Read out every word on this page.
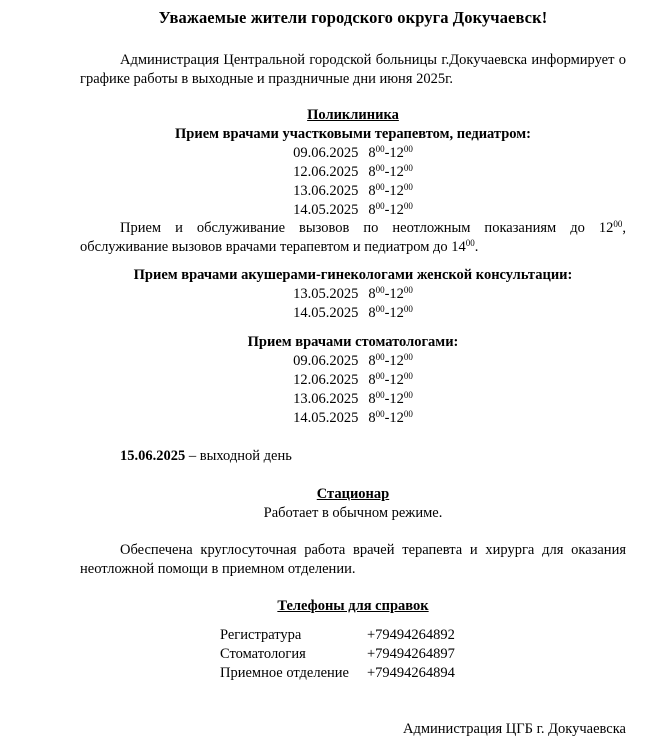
Уважаемые жители городского округа Докучаевск!
Администрация Центральной городской больницы г.Докучаевска информирует о графике работы в выходные и праздничные дни июня 2025г.
Поликлиника
Прием врачами участковыми терапевтом, педиатром:
09.06.2025 $8^{00}-12^{00}$
12.06.2025 $8^{00}-12^{00}$
13.06.2025 $8^{00}-12^{00}$
14.05.2025 $8^{00}-12^{00}$
Прием и обслуживание вызовов по неотложным показаниям до $12^{00}$, обслуживание вызовов врачами терапевтом и педиатром до $14^{00}$.
Прием врачами акушерами-гинекологами женской консультации:
13.05.2025 $8^{00}-12^{00}$
14.05.2025 $8^{00}-12^{00}$
Прием врачами стоматологами:
09.06.2025 $8^{00}-12^{00}$
12.06.2025 $8^{00}-12^{00}$
13.06.2025 $8^{00}-12^{00}$
14.05.2025 $8^{00}-12^{00}$
15.06.2025 – выходной день
Стационар
Работает в обычном режиме.
Обеспечена круглосуточная работа врачей терапевта и хирурга для оказания неотложной помощи в приемном отделении.
Телефоны для справок
Регистратура	+79494264892
Стоматология	+79494264897
Приемное отделение +79494264894
Администрация ЦГБ г. Докучаевска
